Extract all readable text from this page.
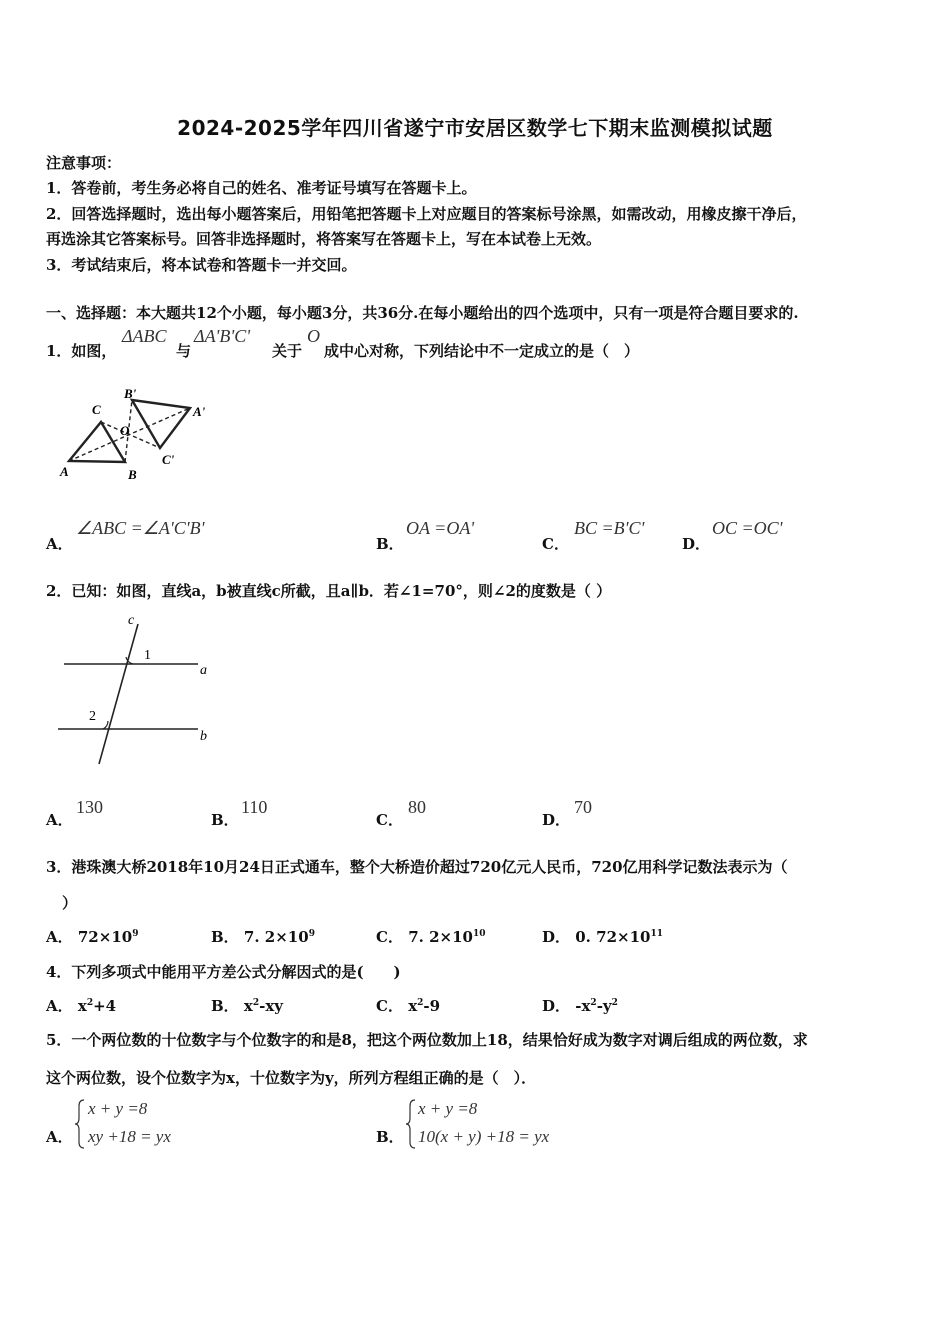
2024-2025学年四川省遂宁市安居区数学七下期末监测模拟试题
注意事项：
1．答卷前，考生务必将自己的姓名、准考证号填写在答题卡上。
2．回答选择题时，选出每小题答案后，用铅笔把答题卡上对应题目的答案标号涂黑，如需改动，用橡皮擦干净后，
再选涂其它答案标号。回答非选择题时，将答案写在答题卡上，写在本试卷上无效。
3．考试结束后，将本试卷和答题卡一并交回。
一、选择题：本大题共12个小题，每小题3分，共36分.在每小题给出的四个选项中，只有一项是符合题目要求的.
1．如图，
ΔABC
与
ΔA'B'C'
关于
O
成中心对称，下列结论中不一定成立的是（　）
A	B
C
O
A'
B'
C'
A．
∠ABC =∠A'C'B'
B．
OA =OA'
C．
BC =B'C'
D．
OC =OC'
2．已知：如图，直线a，b被直线c所截，且a∥b．若∠1=70°，则∠2的度数是（ ）
c
a
b
1
2
A．
130
B．
110
C．
80
D．
70
3．港珠澳大桥2018年10月24日正式通车，整个大桥造价超过720亿元人民币，720亿用科学记数法表示为（
）
A． $72\times 10^9$	B． 7. $2\times 10^9$	C． 7. $2\times 10^{10}$	D． 0. $72\times 10^{11}$
4．下列多项式中能用平方差公式分解因式的是(　　)
A． $x^2+4$	B． $x^2-xy$	C． $x^2-9$	D． $-x^2-y^2$
5．一个两位数的十位数字与个位数字的和是8，把这个两位数加上18，结果恰好成为数字对调后组成的两位数，求
这个两位数，设个位数字为x，十位数字为y，所列方程组正确的是（　）．
A．
x + y =8
xy +18 = yx	B．
x + y =8
10(x + y) +18 = yx
